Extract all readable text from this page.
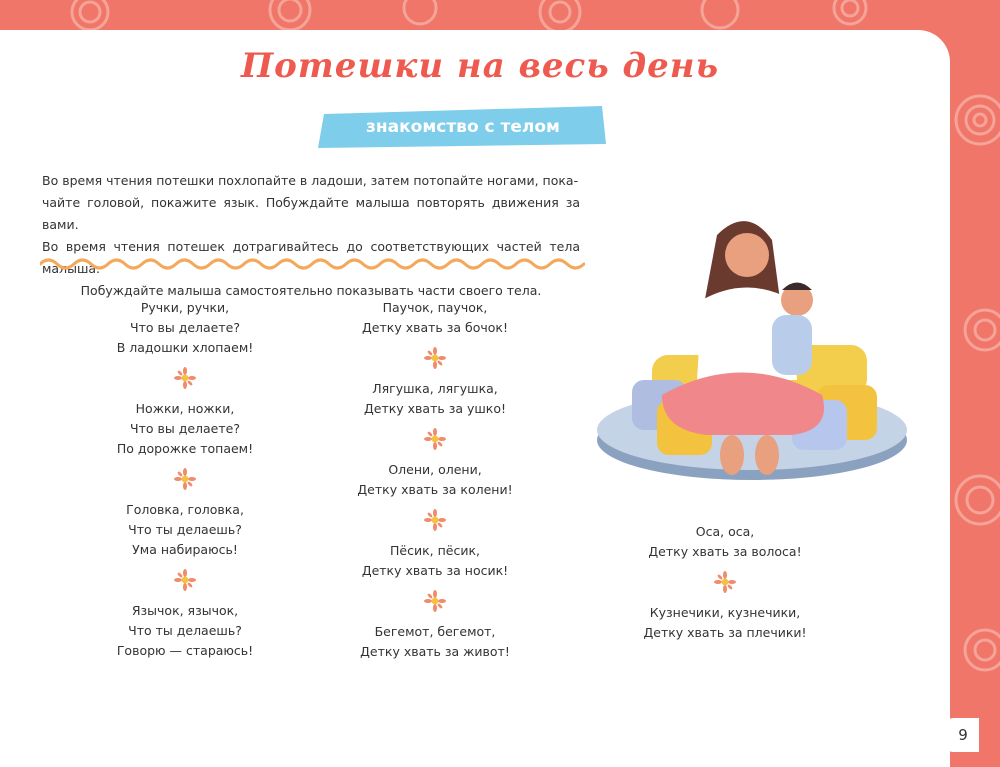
Потешки на весь день
знакомство с телом

Во время чтения потешки похлопайте в ладоши, затем потопайте ногами, пока-
чайте головой, покажите язык. Побуждайте малыша повторять движения за вами.
Во время чтения потешек дотрагивайтесь до соответствующих частей тела малыша.

Побуждайте малыша самостоятельно показывать части своего тела.

Ручки, ручки,
Что вы делаете?
В ладошки хлопаем!

Ножки, ножки,
Что вы делаете?
По дорожке топаем!

Головка, головка,
Что ты делаешь?
Ума набираюсь!

Язычок, язычок,
Что ты делаешь?
Говорю — стараюсь!

Паучок, паучок,
Детку хвать за бочок!

Лягушка, лягушка,
Детку хвать за ушко!

Олени, олени,
Детку хвать за колени!

Пёсик, пёсик,
Детку хвать за носик!

Бегемот, бегемот,
Детку хвать за живот!

Оса, оса,
Детку хвать за волоса!

Кузнечики, кузнечики,
Детку хвать за плечики!

9
